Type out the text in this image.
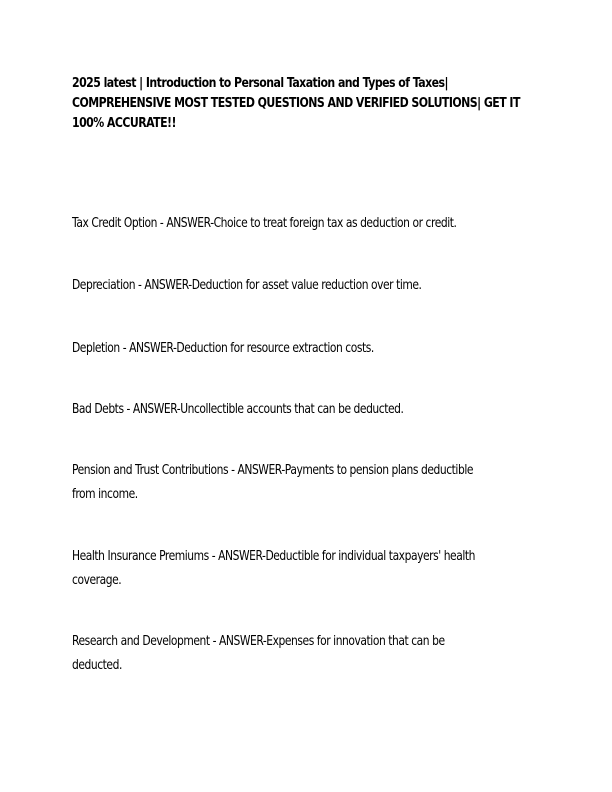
2025 latest | Introduction to Personal Taxation and Types of Taxes|
COMPREHENSIVE MOST TESTED QUESTIONS AND VERIFIED SOLUTIONS| GET IT
100% ACCURATE!!
Tax Credit Option - ANSWER-Choice to treat foreign tax as deduction or credit.
Depreciation - ANSWER-Deduction for asset value reduction over time.
Depletion - ANSWER-Deduction for resource extraction costs.
Bad Debts - ANSWER-Uncollectible accounts that can be deducted.
Pension and Trust Contributions - ANSWER-Payments to pension plans deductible
from income.
Health Insurance Premiums - ANSWER-Deductible for individual taxpayers' health
coverage.
Research and Development - ANSWER-Expenses for innovation that can be
deducted.
